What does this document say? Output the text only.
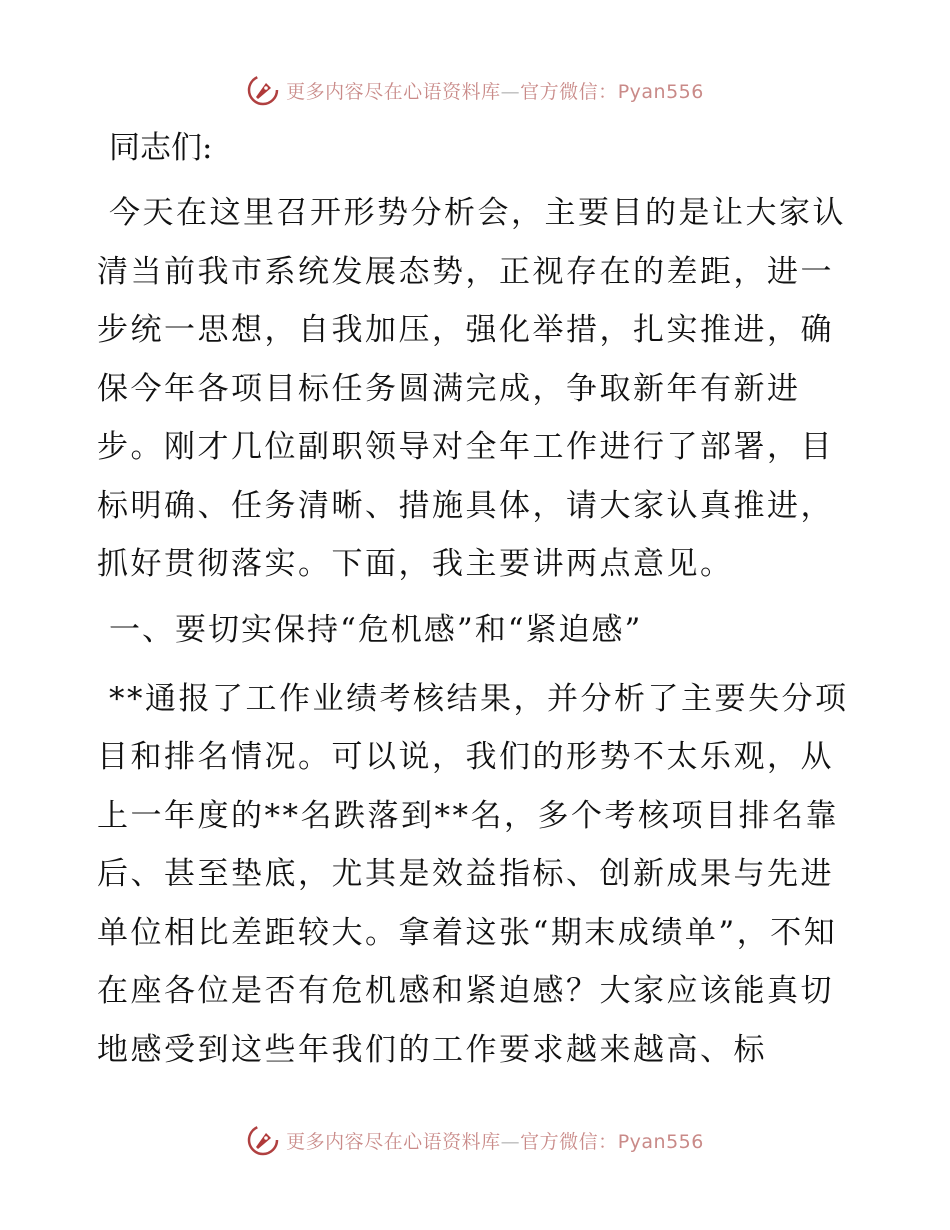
更多内容尽在心语资料库—官方微信：Pyan556

同志们:

今天在这里召开形势分析会，主要目的是让大家认清当前我市系统发展态势，正视存在的差距，进一步统一思想，自我加压，强化举措，扎实推进，确保今年各项目标任务圆满完成，争取新年有新进步。刚才几位副职领导对全年工作进行了部署，目标明确、任务清晰、措施具体，请大家认真推进，抓好贯彻落实。下面，我主要讲两点意见。

一、要切实保持“危机感”和“紧迫感”

**通报了工作业绩考核结果，并分析了主要失分项目和排名情况。可以说，我们的形势不太乐观，从上一年度的**名跌落到**名，多个考核项目排名靠后、甚至垫底，尤其是效益指标、创新成果与先进单位相比差距较大。拿着这张“期末成绩单”，不知在座各位是否有危机感和紧迫感？大家应该能真切地感受到这些年我们的工作要求越来越高、标

更多内容尽在心语资料库—官方微信：Pyan556
